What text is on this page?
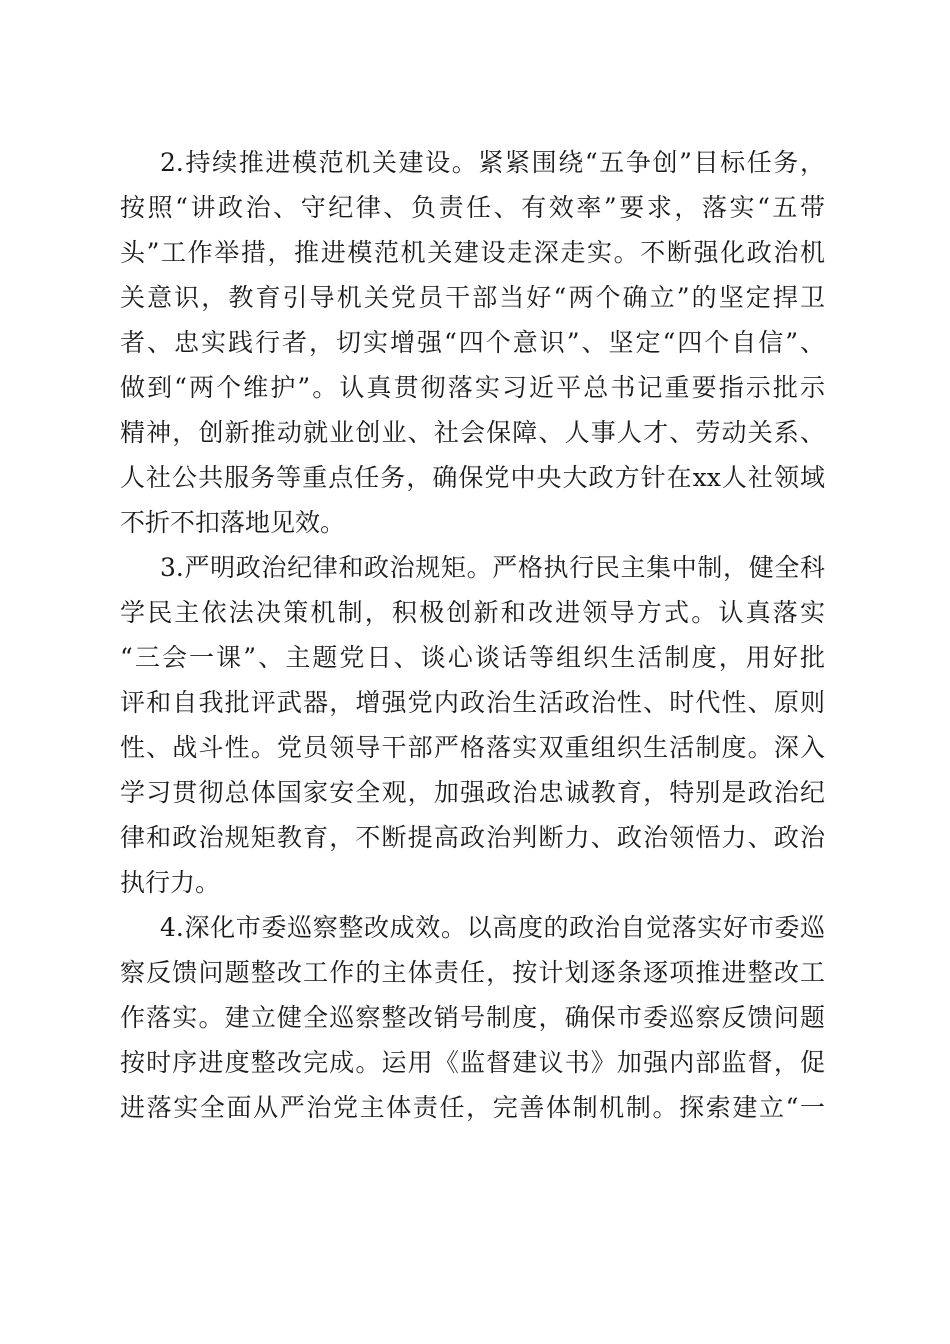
2.持续推进模范机关建设。紧紧围绕“五争创”目标任务，
按照“讲政治、守纪律、负责任、有效率”要求，落实“五带
头”工作举措，推进模范机关建设走深走实。不断强化政治机
关意识，教育引导机关党员干部当好“两个确立”的坚定捍卫
者、忠实践行者，切实增强“四个意识”、坚定“四个自信”、
做到“两个维护”。认真贯彻落实习近平总书记重要指示批示
精神，创新推动就业创业、社会保障、人事人才、劳动关系、
人社公共服务等重点任务，确保党中央大政方针在xx人社领域
不折不扣落地见效。
3.严明政治纪律和政治规矩。严格执行民主集中制，健全科
学民主依法决策机制，积极创新和改进领导方式。认真落实
“三会一课”、主题党日、谈心谈话等组织生活制度，用好批
评和自我批评武器，增强党内政治生活政治性、时代性、原则
性、战斗性。党员领导干部严格落实双重组织生活制度。深入
学习贯彻总体国家安全观，加强政治忠诚教育，特别是政治纪
律和政治规矩教育，不断提高政治判断力、政治领悟力、政治
执行力。
4.深化市委巡察整改成效。以高度的政治自觉落实好市委巡
察反馈问题整改工作的主体责任，按计划逐条逐项推进整改工
作落实。建立健全巡察整改销号制度，确保市委巡察反馈问题
按时序进度整改完成。运用《监督建议书》加强内部监督，促
进落实全面从严治党主体责任，完善体制机制。探索建立“一
